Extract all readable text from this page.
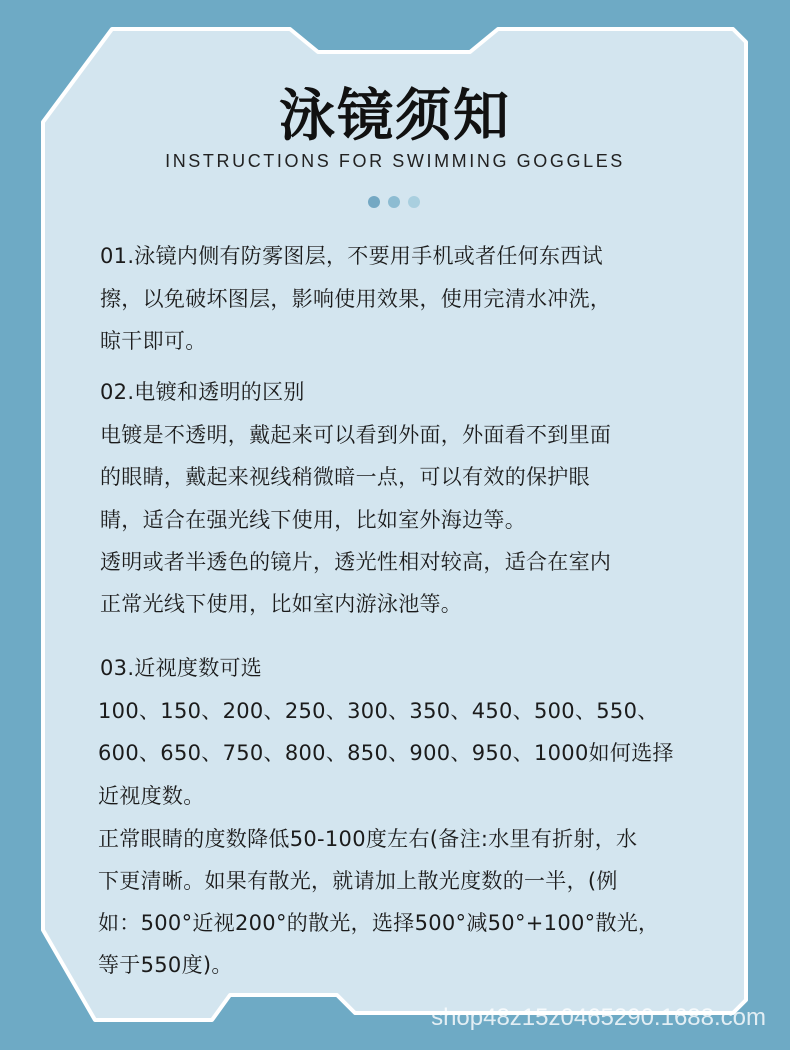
泳镜须知
INSTRUCTIONS FOR SWIMMING GOGGLES
01.泳镜内侧有防雾图层，不要用手机或者任何东西试
擦，以免破坏图层，影响使用效果，使用完清水冲洗，
晾干即可。
02.电镀和透明的区别
电镀是不透明，戴起来可以看到外面，外面看不到里面
的眼睛，戴起来视线稍微暗一点，可以有效的保护眼
睛，适合在强光线下使用，比如室外海边等。
透明或者半透色的镜片，透光性相对较高，适合在室内
正常光线下使用，比如室内游泳池等。
03.近视度数可选
100、150、200、250、300、350、450、500、550、
600、650、750、800、850、900、950、1000如何选择
近视度数。
正常眼睛的度数降低50-100度左右(备注:水里有折射，水
下更清晰。如果有散光，就请加上散光度数的一半，(例
如：500°近视200°的散光，选择500°减50°+100°散光，
等于550度)。
shop48z15z0465290.1688.com
